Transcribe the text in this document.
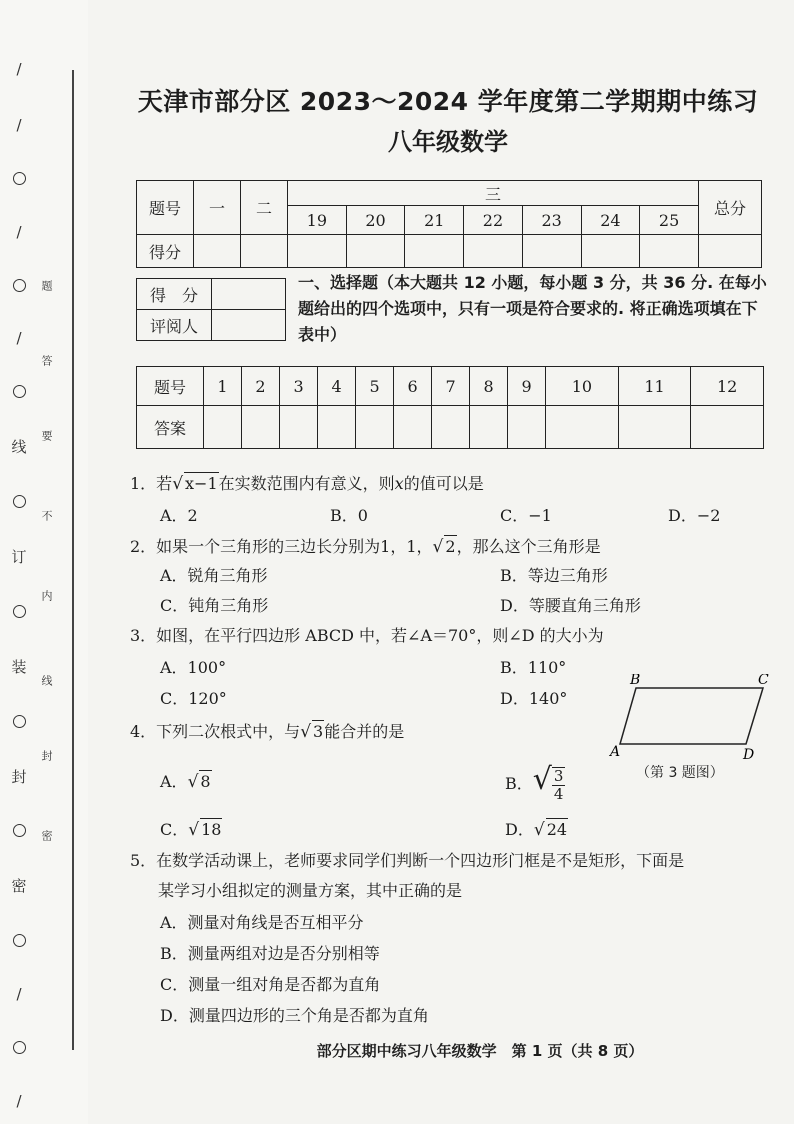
/
/
/
/
线
订
装
封
密
/
/
题
答
要
不
内
线
封
密
天津市部分区 2023～2024 学年度第二学期期中练习
八年级数学
题号	一	二	三							总分
			19	20	21	22	23	24	25	
得分										
得　分	
评阅人	
一、选择题（本大题共 12 小题，每小题 3 分，共 36 分. 在每小题给出的四个选项中，只有一项是符合要求的. 将正确选项填在下表中）
题号	1	2	3	4	5	6	7	8	9	10	11	12
答案												
1．若√ x−1在实数范围内有意义，则x的值可以是
A．2	B．0	C．−1	D．−2
2．如果一个三角形的三边长分别为1，1，√ 2，那么这个三角形是
A．锐角三角形	B．等边三角形
C．钝角三角形	D．等腰直角三角形
3．如图，在平行四边形 ABCD 中，若∠A＝70°，则∠D 的大小为
A．100°	B．110°
C．120°	D．140°
A
B	C
D
（第 3 题图）
4．下列二次根式中，与√ 3能合并的是
A．√ 8	B．√ $\frac{3}{4}$
C．√ 18	D．√ 24
5．在数学活动课上，老师要求同学们判断一个四边形门框是不是矩形，下面是
某学习小组拟定的测量方案，其中正确的是
A．测量对角线是否互相平分
B．测量两组对边是否分别相等
C．测量一组对角是否都为直角
D．测量四边形的三个角是否都为直角
部分区期中练习八年级数学　第 1 页（共 8 页）
